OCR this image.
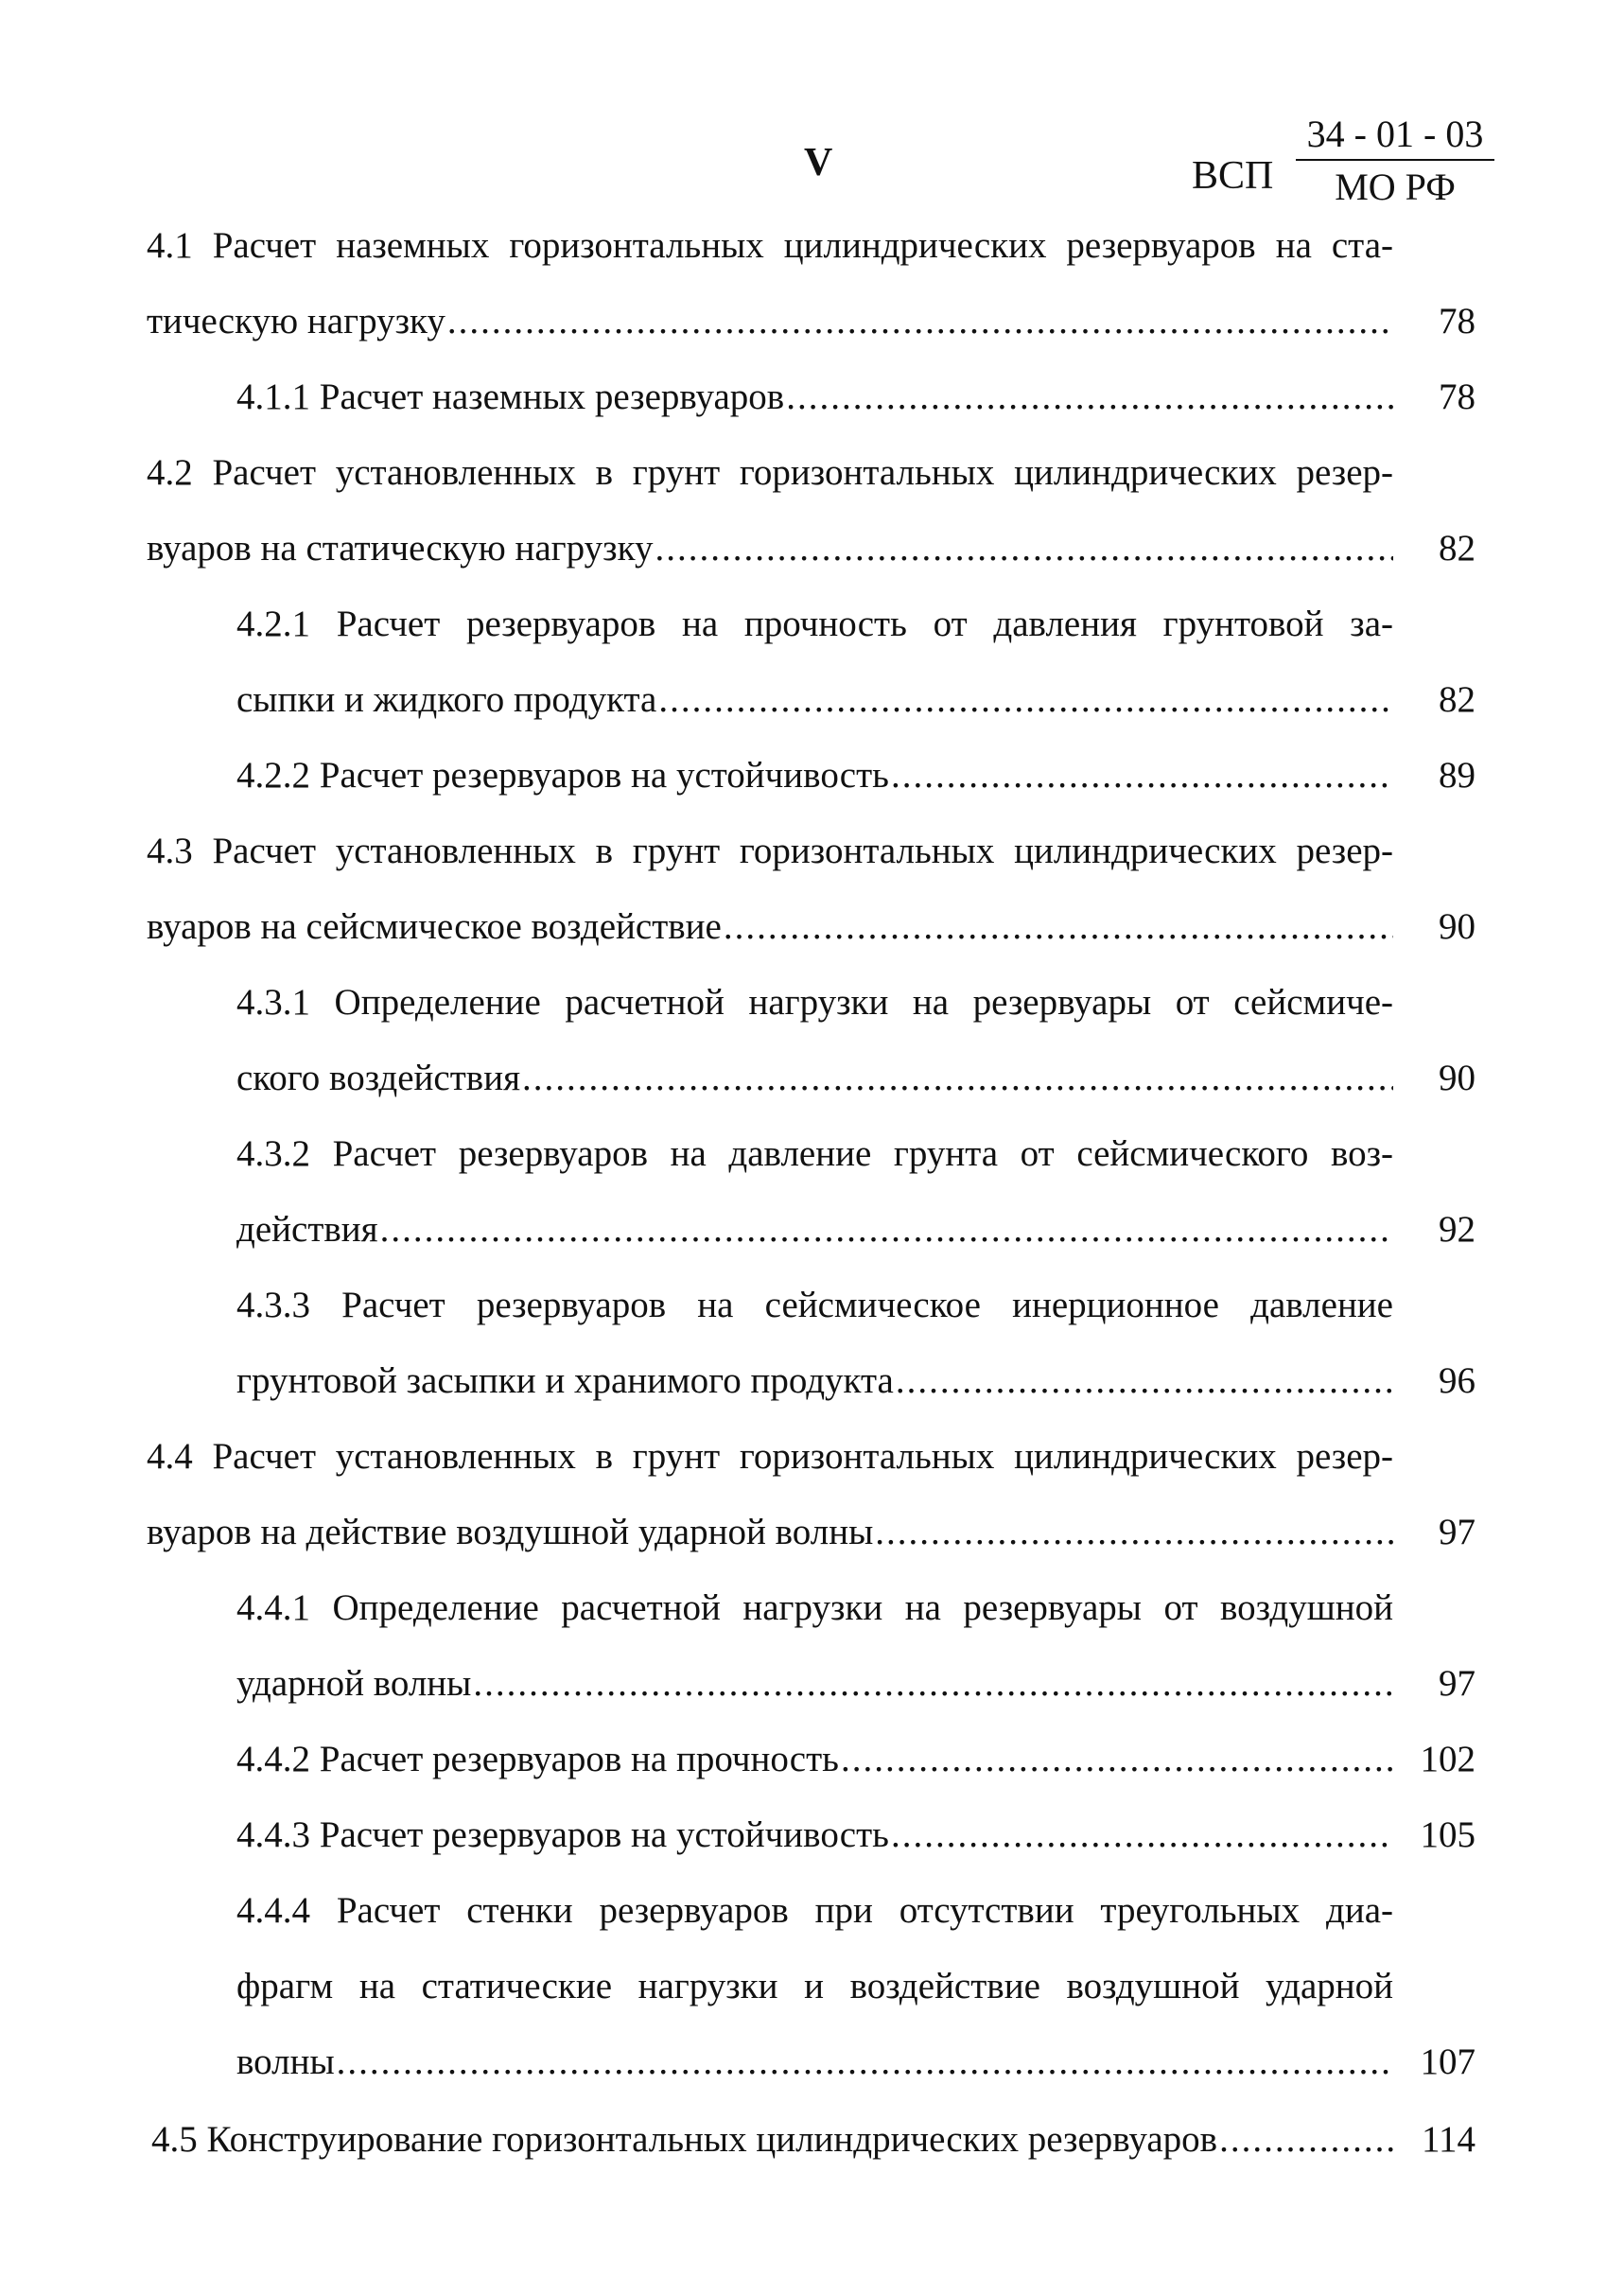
V	ВСП
34 - 01 - 03
МО РФ
4.1 Расчет наземных горизонтальных цилиндрических резервуаров на ста-
тическую нагрузку .....	78
4.1.1 Расчет наземных резервуаров .....	78
4.2 Расчет установленных в грунт горизонтальных цилиндрических резер-
вуаров на статическую нагрузку .....	82
4.2.1 Расчет резервуаров на прочность от давления грунтовой за-
сыпки и жидкого продукта .....	82
4.2.2 Расчет резервуаров на устойчивость .....	89
4.3 Расчет установленных в грунт горизонтальных цилиндрических резер-
вуаров на сейсмическое воздействие .....	90
4.3.1 Определение расчетной нагрузки на резервуары от сейсмиче-
ского воздействия .....	90
4.3.2 Расчет резервуаров на давление грунта от сейсмического воз-
действия .....	92
4.3.3 Расчет резервуаров на сейсмическое инерционное давление
грунтовой засыпки и хранимого продукта .....	96
4.4 Расчет установленных в грунт горизонтальных цилиндрических резер-
вуаров на действие воздушной ударной волны .....	97
4.4.1 Определение расчетной нагрузки на резервуары от воздушной
ударной волны .....	97
4.4.2 Расчет резервуаров на прочность .....	102
4.4.3 Расчет резервуаров на устойчивость .....	105
4.4.4 Расчет стенки резервуаров при отсутствии треугольных диа-
фрагм на статические нагрузки и воздействие воздушной ударной
волны .....	107
4.5 Конструирование горизонтальных цилиндрических резервуаров .....	114
